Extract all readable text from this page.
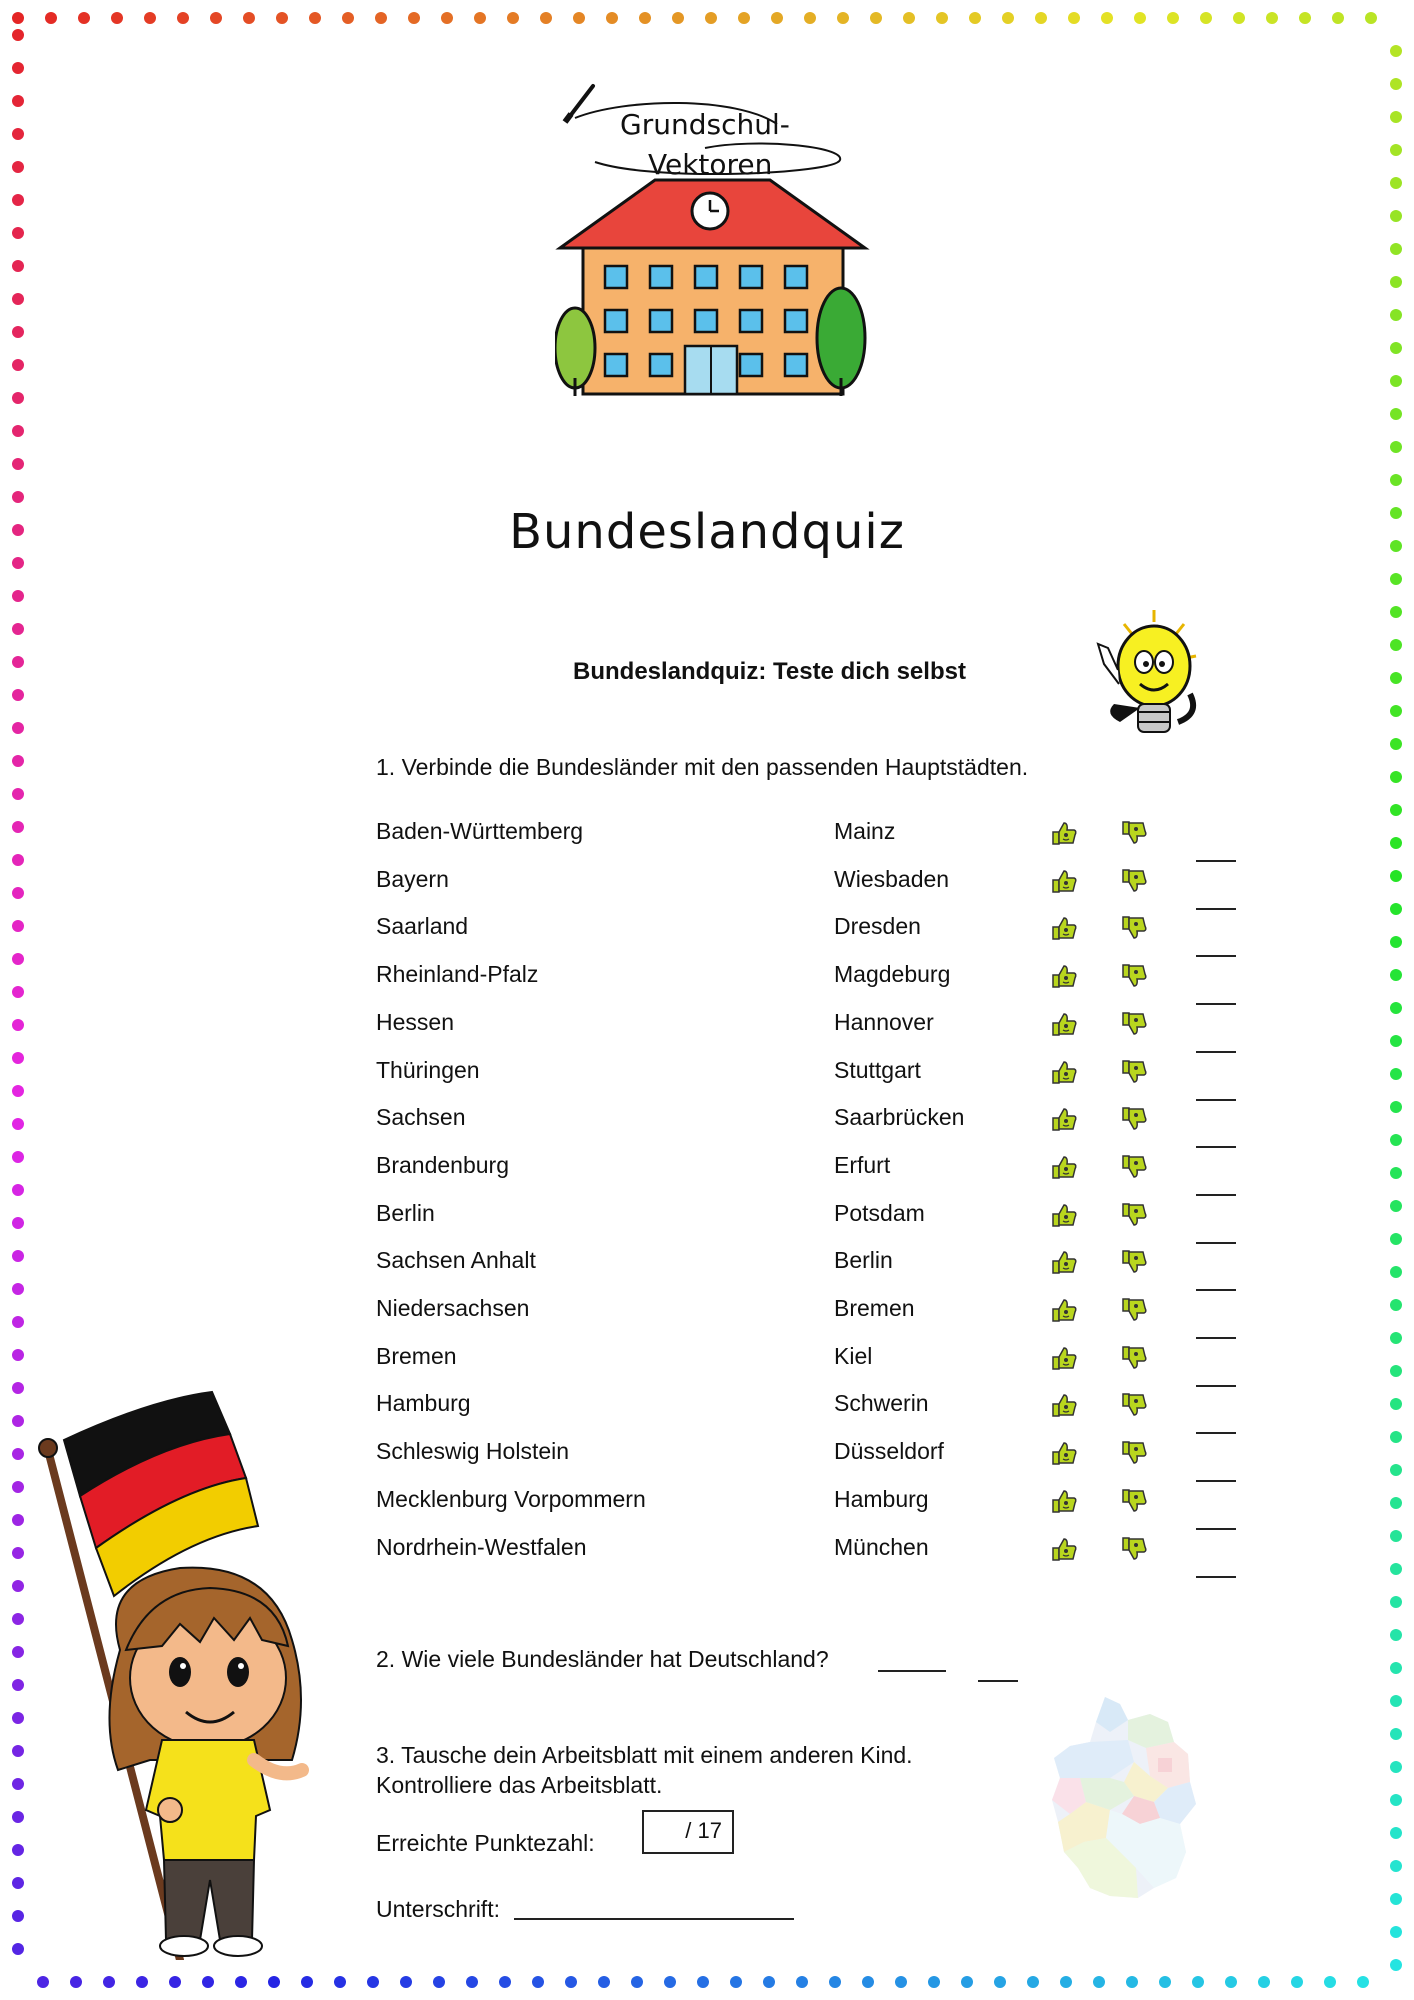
Grundschul-
Vektoren
Bundeslandquiz
Bundeslandquiz: Teste dich selbst
1. Verbinde die Bundesländer mit den passenden Hauptstädten.
Baden-Württemberg	Mainz
Bayern	Wiesbaden
Saarland	Dresden
Rheinland-Pfalz	Magdeburg
Hessen	Hannover
Thüringen	Stuttgart
Sachsen	Saarbrücken
Brandenburg	Erfurt
Berlin	Potsdam
Sachsen Anhalt	Berlin
Niedersachsen	Bremen
Bremen	Kiel
Hamburg	Schwerin
Schleswig Holstein	Düsseldorf
Mecklenburg Vorpommern	Hamburg
Nordrhein-Westfalen	München
2. Wie viele Bundesländer hat Deutschland?
3. Tausche dein Arbeitsblatt mit einem anderen Kind.
Kontrolliere das Arbeitsblatt.
Erreichte Punktezahl:	/ 17
Unterschrift:
